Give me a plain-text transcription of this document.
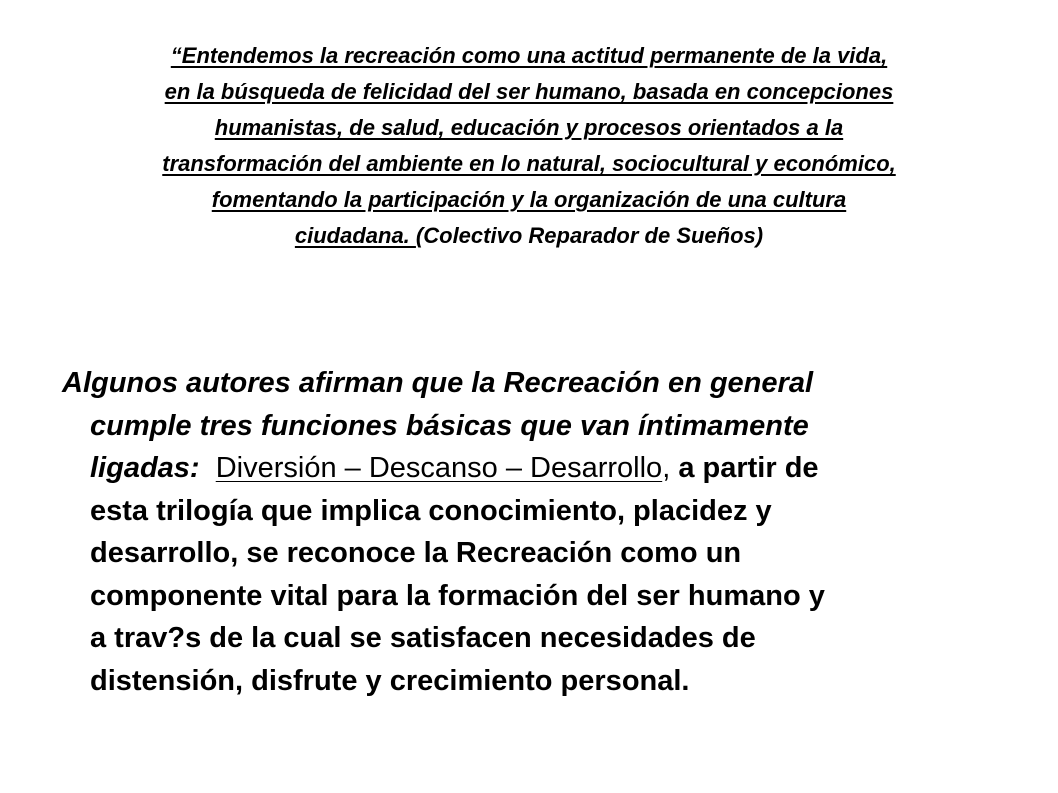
“Entendemos la recreación como una actitud permanente de la vida,
en la búsqueda de felicidad del ser humano, basada en concepciones
humanistas, de salud, educación y procesos orientados a la
transformación del ambiente en lo natural, sociocultural y económico,
fomentando la participación y la organización de una cultura
ciudadana. (Colectivo Reparador de Sueños)
Algunos autores afirman que la Recreación en general
cumple tres funciones básicas que van íntimamente
ligadas: Diversión – Descanso – Desarrollo, a partir de
esta trilogía que implica conocimiento, placidez y
desarrollo, se reconoce la Recreación como un
componente vital para la formación del ser humano y
a trav?s de la cual se satisfacen necesidades de
distensión, disfrute y crecimiento personal.
